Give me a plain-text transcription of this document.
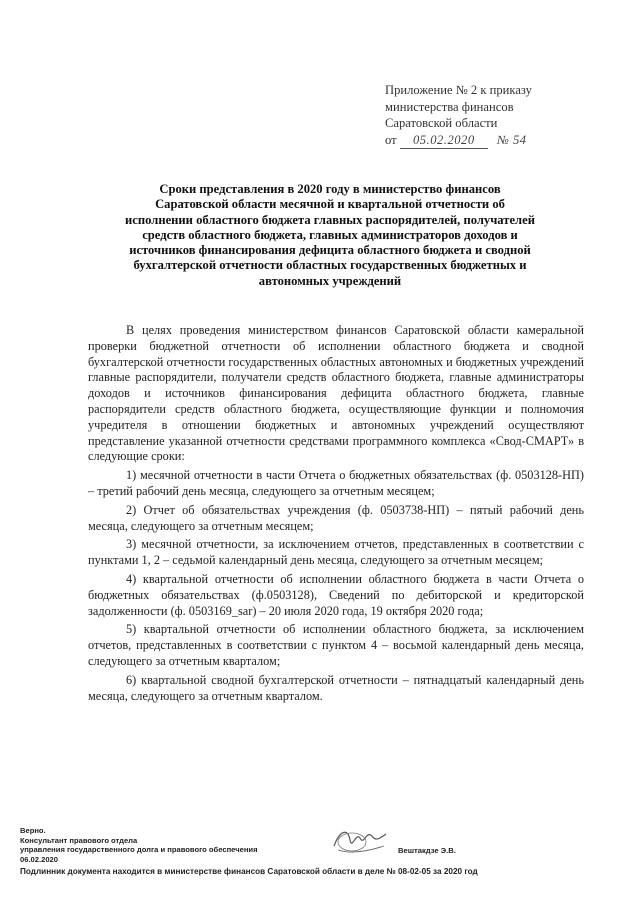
Приложение № 2 к приказу
министерства финансов
Саратовской области
от 05.02.2020 № 54
Сроки представления в 2020 году в министерство финансов
Саратовской области месячной и квартальной отчетности об
исполнении областного бюджета главных распорядителей, получателей
средств областного бюджета, главных администраторов доходов и
источников финансирования дефицита областного бюджета и сводной
бухгалтерской отчетности областных государственных бюджетных и
автономных учреждений

В целях проведения министерством финансов Саратовской области камеральной проверки бюджетной отчетности об исполнении областного бюджета и сводной бухгалтерской отчетности государственных областных автономных и бюджетных учреждений главные распорядители, получатели средств областного бюджета, главные администраторы доходов и источников финансирования дефицита областного бюджета, главные распорядители средств областного бюджета, осуществляющие функции и полномочия учредителя в отношении бюджетных и автономных учреждений осуществляют представление указанной отчетности средствами программного комплекса «Свод-СМАРТ» в следующие сроки:

1) месячной отчетности в части Отчета о бюджетных обязательствах (ф. 0503128-НП) – третий рабочий день месяца, следующего за отчетным месяцем;

2) Отчет об обязательствах учреждения (ф. 0503738-НП) – пятый рабочий день месяца, следующего за отчетным месяцем;

3) месячной отчетности, за исключением отчетов, представленных в соответствии с пунктами 1, 2 – седьмой календарный день месяца, следующего за отчетным месяцем;

4) квартальной отчетности об исполнении областного бюджета в части Отчета о бюджетных обязательствах (ф.0503128), Сведений по дебиторской и кредиторской задолженности (ф. 0503169_sar) – 20 июля 2020 года, 19 октября 2020 года;

5) квартальной отчетности об исполнении областного бюджета, за исключением отчетов, представленных в соответствии с пунктом 4 – восьмой календарный день месяца, следующего за отчетным кварталом;

6) квартальной сводной бухгалтерской отчетности – пятнадцатый календарный день месяца, следующего за отчетным кварталом.

Вештакдзе Э.В.
Верно.
Консультант правового отдела
управления государственного долга и правового обеспечения
06.02.2020
Подлинник документа находится в министерстве финансов Саратовской области в деле № 08-02-05 за 2020 год
